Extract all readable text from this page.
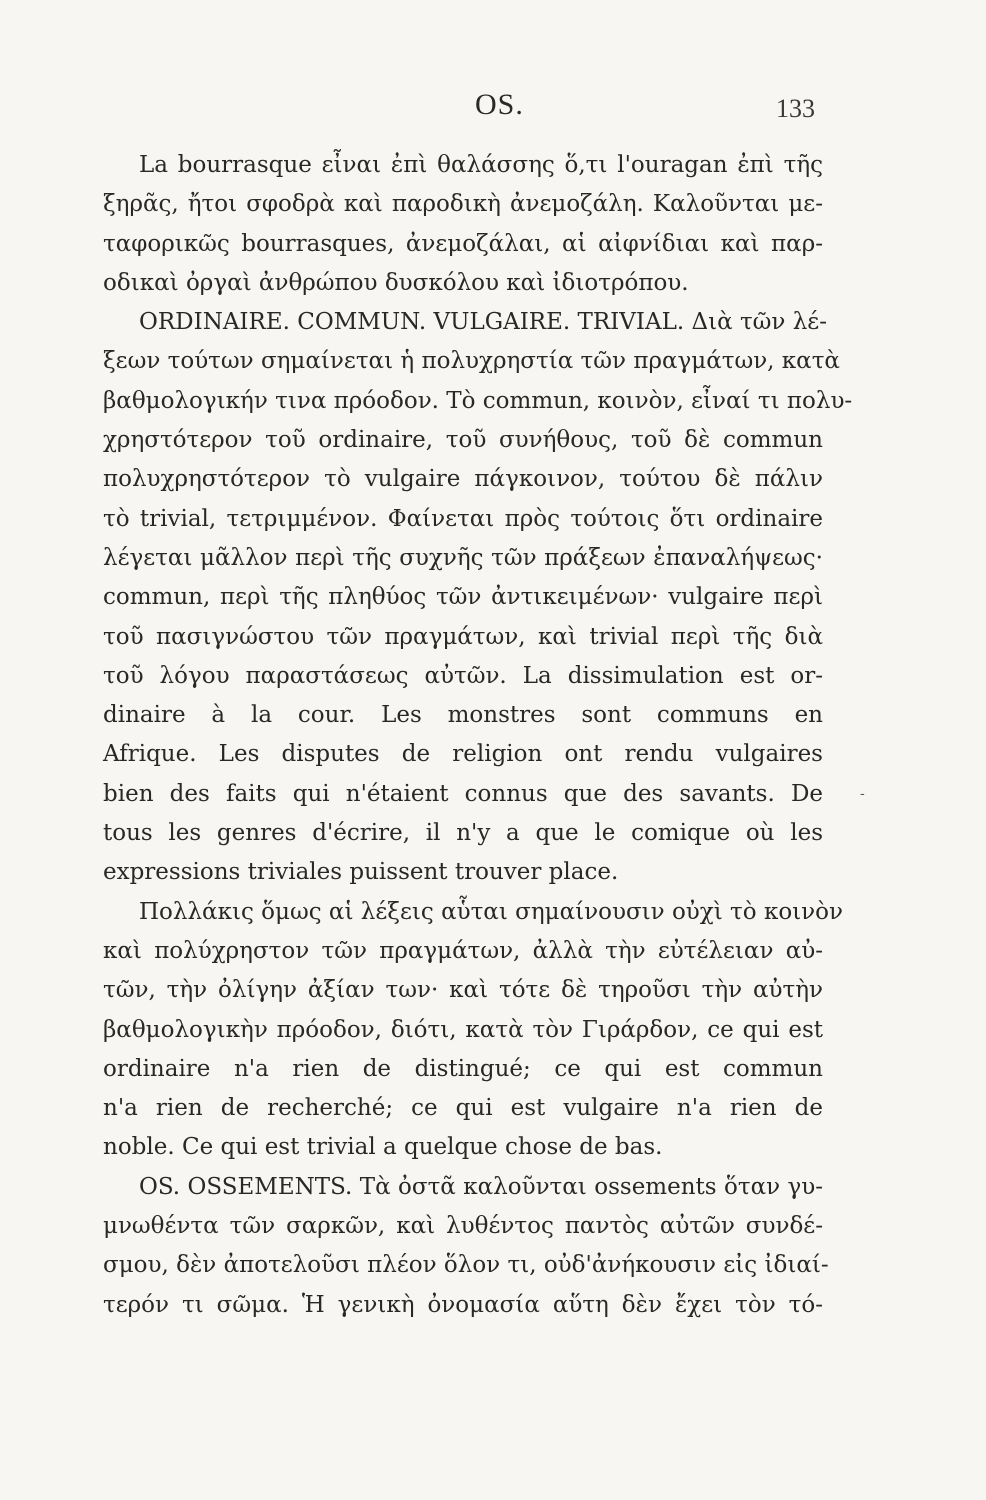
OS.	133
La bourrasque εἶναι ἐπὶ θαλάσσης ὅ,τι l'ouragan ἐπὶ τῆς
ξηρᾶς, ἤτοι σφοδρὰ καὶ παροδικὴ ἀνεμοζάλη. Καλοῦνται με-
ταφορικῶς bourrasques, ἀνεμοζάλαι, αἱ αἰφνίδιαι καὶ παρ-
οδικαὶ ὀργαὶ ἀνθρώπου δυσκόλου καὶ ἰδιοτρόπου.
ORDINAIRE. COMMUN. VULGAIRE. TRIVIAL. Διὰ τῶν λέ-
ξεων τούτων σημαίνεται ἡ πολυχρηστία τῶν πραγμάτων, κατὰ
βαθμολογικήν τινα πρόοδον. Τὸ commun, κοινὸν, εἶναί τι πολυ-
χρηστότερον τοῦ ordinaire, τοῦ συνήθους, τοῦ δὲ commun
πολυχρηστότερον τὸ vulgaire πάγκοινον, τούτου δὲ πάλιν
τὸ trivial, τετριμμένον. Φαίνεται πρὸς τούτοις ὅτι ordinaire
λέγεται μᾶλλον περὶ τῆς συχνῆς τῶν πράξεων ἐπαναλήψεως·
commun, περὶ τῆς πληθύος τῶν ἀντικειμένων· vulgaire περὶ
τοῦ πασιγνώστου τῶν πραγμάτων, καὶ trivial περὶ τῆς διὰ
τοῦ λόγου παραστάσεως αὐτῶν. La dissimulation est or-
dinaire à la cour. Les monstres sont communs en
Afrique. Les disputes de religion ont rendu vulgaires
bien des faits qui n'étaient connus que des savants. De
tous les genres d'écrire, il n'y a que le comique où les
expressions triviales puissent trouver place.
Πολλάκις ὅμως αἱ λέξεις αὗται σημαίνουσιν οὐχὶ τὸ κοινὸν
καὶ πολύχρηστον τῶν πραγμάτων, ἀλλὰ τὴν εὐτέλειαν αὐ-
τῶν, τὴν ὀλίγην ἀξίαν των· καὶ τότε δὲ τηροῦσι τὴν αὐτὴν
βαθμολογικὴν πρόοδον, διότι, κατὰ τὸν Γιράρδον, ce qui est
ordinaire n'a rien de distingué; ce qui est commun
n'a rien de recherché; ce qui est vulgaire n'a rien de
noble. Ce qui est trivial a quelque chose de bas.
OS. OSSEMENTS. Τὰ ὀστᾶ καλοῦνται ossements ὅταν γυ-
μνωθέντα τῶν σαρκῶν, καὶ λυθέντος παντὸς αὐτῶν συνδέ-
σμου, δὲν ἀποτελοῦσι πλέον ὅλον τι, οὐδ'ἀνήκουσιν εἰς ἰδιαί-
τερόν τι σῶμα. Ἡ γενικὴ ὀνομασία αὕτη δὲν ἔχει τὸν τό-
-
